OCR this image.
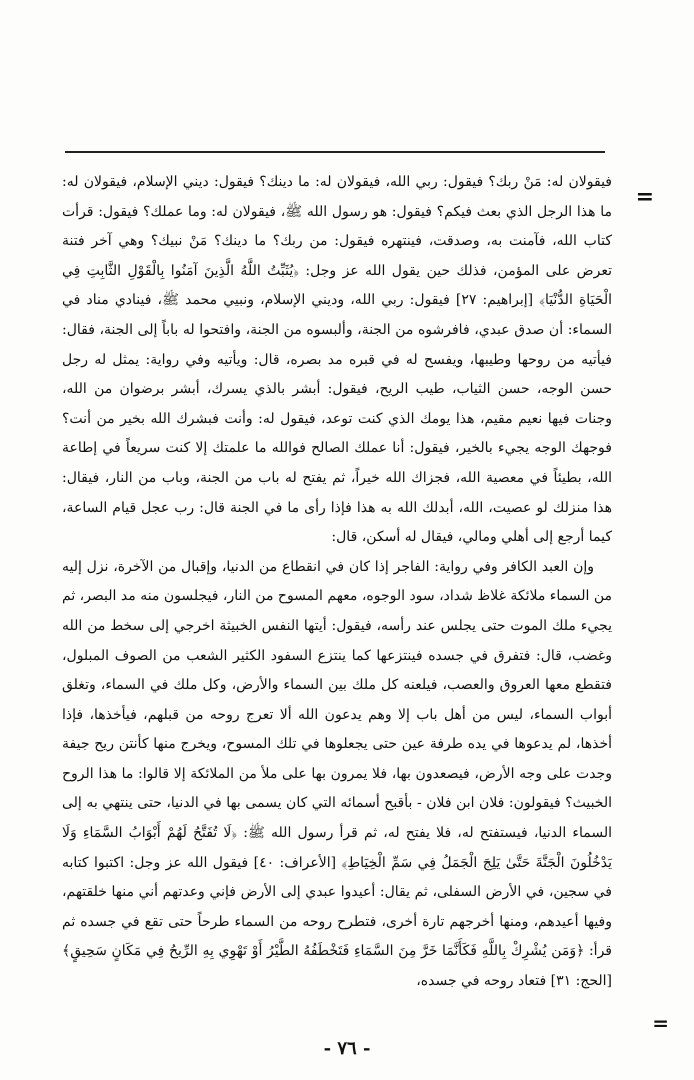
=

فيقولان له: مَنْ ربك؟ فيقول: ربي الله، فيقولان له: ما دينك؟ فيقول: ديني الإسلام، فيقولان له: ما هذا الرجل الذي بعث فيكم؟ فيقول: هو رسول الله ﷺ، فيقولان له: وما عملك؟ فيقول: قرأت كتاب الله، فآمنت به، وصدقت، فينتهره فيقول: من ربك؟ ما دينك؟ مَنْ نبيك؟ وهي آخر فتنة تعرض على المؤمن، فذلك حين يقول الله عز وجل: ﴿يُثَبِّتُ اللَّهُ الَّذِينَ آمَنُوا بِالْقَوْلِ الثَّابِتِ فِي الْحَيَاةِ الدُّنْيَا﴾ [إبراهيم: ٢٧] فيقول: ربي الله، وديني الإسلام، ونبيي محمد ﷺ، فينادي مناد في السماء: أن صدق عبدي، فافرشوه من الجنة، وألبسوه من الجنة، وافتحوا له باباً إلى الجنة، فقال: فيأتيه من روحها وطيبها، ويفسح له في قبره مد بصره، قال: ويأتيه وفي رواية: يمثل له رجل حسن الوجه، حسن الثياب، طيب الريح، فيقول: أبشر بالذي يسرك، أبشر برضوان من الله، وجنات فيها نعيم مقيم، هذا يومك الذي كنت توعد، فيقول له: وأنت فبشرك الله بخير من أنت؟ فوجهك الوجه يجيء بالخير، فيقول: أنا عملك الصالح فوالله ما علمتك إلا كنت سريعاً في إطاعة الله، بطيئاً في معصية الله، فجزاك الله خيراً، ثم يفتح له باب من الجنة، وباب من النار، فيقال: هذا منزلك لو عصيت، الله، أبدلك الله به هذا فإذا رأى ما في الجنة قال: رب عجل قيام الساعة، كيما أرجع إلى أهلي ومالي، فيقال له أسكن، قال:

وإن العبد الكافر وفي رواية: الفاجر إذا كان في انقطاع من الدنيا، وإقبال من الآخرة، نزل إليه من السماء ملائكة غلاظ شداد، سود الوجوه، معهم المسوح من النار، فيجلسون منه مد البصر، ثم يجيء ملك الموت حتى يجلس عند رأسه، فيقول: أيتها النفس الخبيثة اخرجي إلى سخط من الله وغضب، قال: فتفرق في جسده فينتزعها كما ينتزع السفود الكثير الشعب من الصوف المبلول، فتقطع معها العروق والعصب، فيلعنه كل ملك بين السماء والأرض، وكل ملك في السماء، وتغلق أبواب السماء، ليس من أهل باب إلا وهم يدعون الله ألا تعرج روحه من قبلهم، فيأخذها، فإذا أخذها، لم يدعوها في يده طرفة عين حتى يجعلوها في تلك المسوح، ويخرج منها كأنتن ريح جيفة وجدت على وجه الأرض، فيصعدون بها، فلا يمرون بها على ملأ من الملائكة إلا قالوا: ما هذا الروح الخبيث؟ فيقولون: فلان ابن فلان - بأقبح أسمائه التي كان يسمى بها في الدنيا، حتى ينتهي به إلى السماء الدنيا، فيستفتح له، فلا يفتح له، ثم قرأ رسول الله ﷺ: ﴿لَا تُفَتَّحُ لَهُمْ أَبْوَابُ السَّمَاءِ وَلَا يَدْخُلُونَ الْجَنَّةَ حَتَّىٰ يَلِجَ الْجَمَلُ فِي سَمِّ الْخِيَاطِ﴾ [الأعراف: ٤٠] فيقول الله عز وجل: اكتبوا كتابه في سجين، في الأرض السفلى، ثم يقال: أعيدوا عبدي إلى الأرض فإني وعدتهم أني منها خلقتهم، وفيها أعيدهم، ومنها أخرجهم تارة أخرى، فتطرح روحه من السماء طرحاً حتى تقع في جسده ثم قرأ: ﴿وَمَن يُشْرِكْ بِاللَّهِ فَكَأَنَّمَا خَرَّ مِنَ السَّمَاءِ فَتَخْطَفُهُ الطَّيْرُ أَوْ تَهْوِي بِهِ الرِّيحُ فِي مَكَانٍ سَحِيقٍ﴾ [الحج: ٣١] فتعاد روحه في جسده،

=
- ٧٦ -
